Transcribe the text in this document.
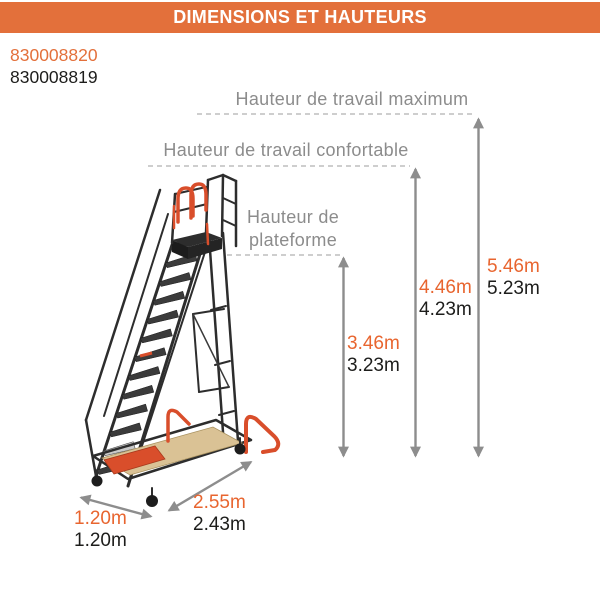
DIMENSIONS ET HAUTEURS
830008820
830008819
Hauteur de travail maximum
Hauteur de travail confortable
Hauteur de
plateforme
5.46m
5.23m
4.46m
4.23m
3.46m
3.23m
1.20m
1.20m
2.55m
2.43m
